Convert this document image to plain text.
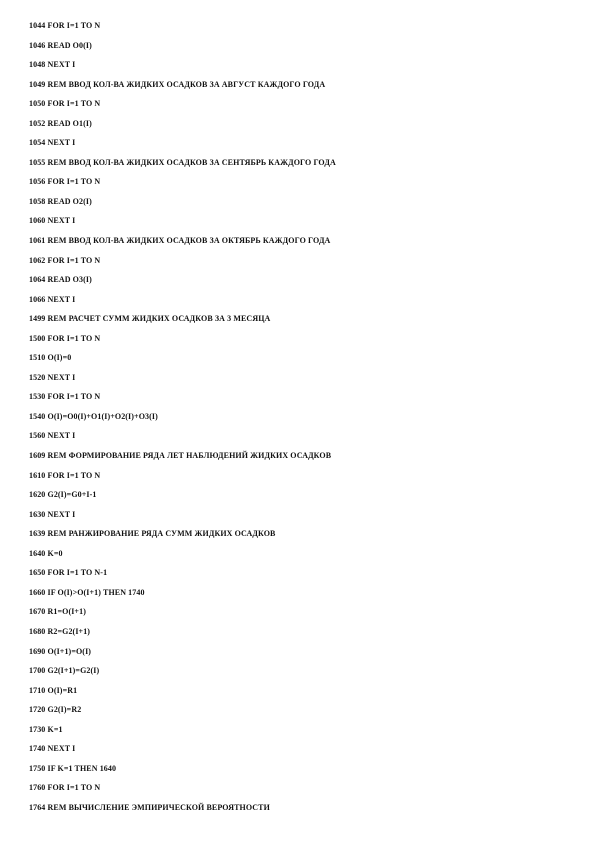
1044 FOR I=1 TO N
1046 READ O0(I)
1048 NEXT I
1049 REM ВВОД КОЛ-ВА ЖИДКИХ ОСАДКОВ ЗА АВГУСТ КАЖДОГО ГОДА
1050 FOR I=1 TO N
1052 READ O1(I)
1054 NEXT I
1055 REM ВВОД КОЛ-ВА ЖИДКИХ ОСАДКОВ ЗА СЕНТЯБРЬ КАЖДОГО ГОДА
1056 FOR I=1 TO N
1058 READ O2(I)
1060 NEXT I
1061 REM ВВОД КОЛ-ВА ЖИДКИХ ОСАДКОВ ЗА ОКТЯБРЬ КАЖДОГО ГОДА
1062 FOR I=1 TO N
1064 READ O3(I)
1066 NEXT I
1499 REM РАСЧЕТ СУММ ЖИДКИХ ОСАДКОВ ЗА 3 МЕСЯЦА
1500 FOR I=1 TO N
1510 O(I)=0
1520 NEXT I
1530 FOR I=1 TO N
1540 O(I)=O0(I)+O1(I)+O2(I)+O3(I)
1560 NEXT I
1609 REM ФОРМИРОВАНИЕ РЯДА ЛЕТ НАБЛЮДЕНИЙ ЖИДКИХ ОСАДКОВ
1610 FOR I=1 TO N
1620 G2(I)=G0+I-1
1630 NEXT I
1639 REM РАНЖИРОВАНИЕ РЯДА СУММ ЖИДКИХ ОСАДКОВ
1640 K=0
1650 FOR I=1 TO N-1
1660 IF O(I)>O(I+1) THEN 1740
1670 R1=O(I+1)
1680 R2=G2(I+1)
1690 O(I+1)=O(I)
1700 G2(I+1)=G2(I)
1710 O(I)=R1
1720 G2(I)=R2
1730 K=1
1740 NEXT I
1750 IF K=1 THEN 1640
1760 FOR I=1 TO N
1764 REM ВЫЧИСЛЕНИЕ ЭМПИРИЧЕСКОЙ ВЕРОЯТНОСТИ
